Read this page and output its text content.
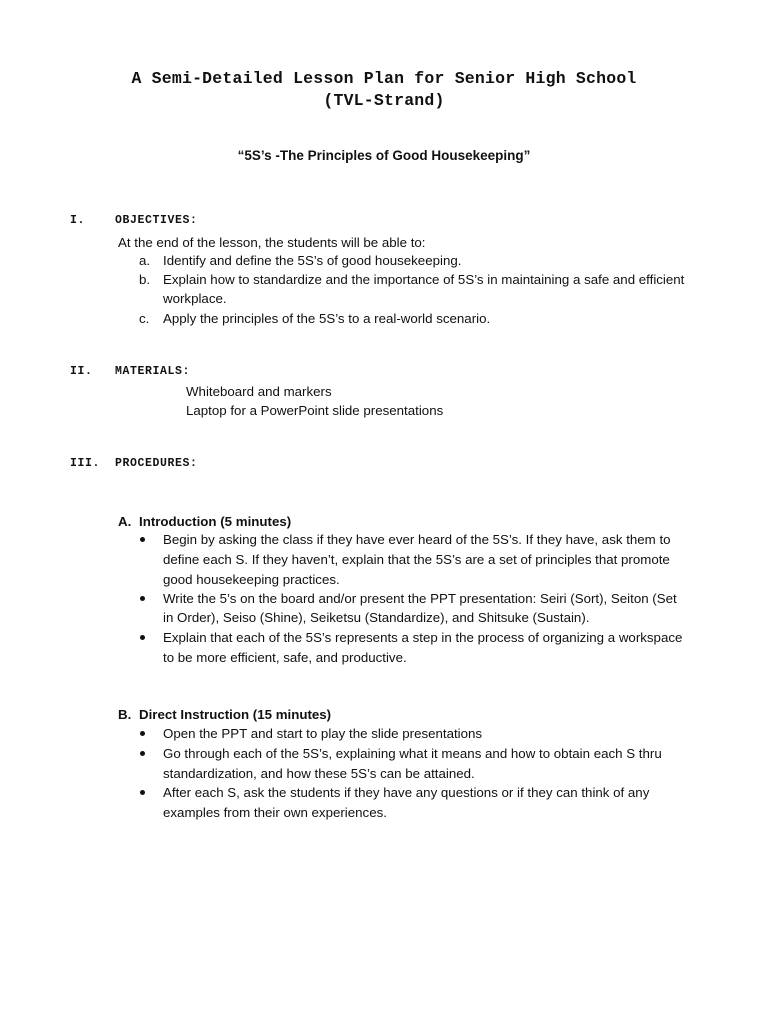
A Semi-Detailed Lesson Plan for Senior High School
(TVL-Strand)
“5S’s -The Principles of Good Housekeeping”
I.	OBJECTIVES:
At the end of the lesson, the students will be able to:
a. Identify and define the 5S’s of good housekeeping.
b. Explain how to standardize and the importance of 5S’s in maintaining a safe and efficient
workplace.
c. Apply the principles of the 5S’s to a real-world scenario.
II. MATERIALS:
Whiteboard and markers
Laptop for a PowerPoint slide presentations
III. PROCEDURES:
A. Introduction (5 minutes)
Begin by asking the class if they have ever heard of the 5S’s. If they have, ask them to
define each S. If they haven’t, explain that the 5S’s are a set of principles that promote
good housekeeping practices.
Write the 5’s on the board and/or present the PPT presentation: Seiri (Sort), Seiton (Set
in Order), Seiso (Shine), Seiketsu (Standardize), and Shitsuke (Sustain).
Explain that each of the 5S’s represents a step in the process of organizing a workspace
to be more efficient, safe, and productive.
B. Direct Instruction (15 minutes)
Open the PPT and start to play the slide presentations
Go through each of the 5S’s, explaining what it means and how to obtain each S thru
standardization, and how these 5S’s can be attained.
After each S, ask the students if they have any questions or if they can think of any
examples from their own experiences.
